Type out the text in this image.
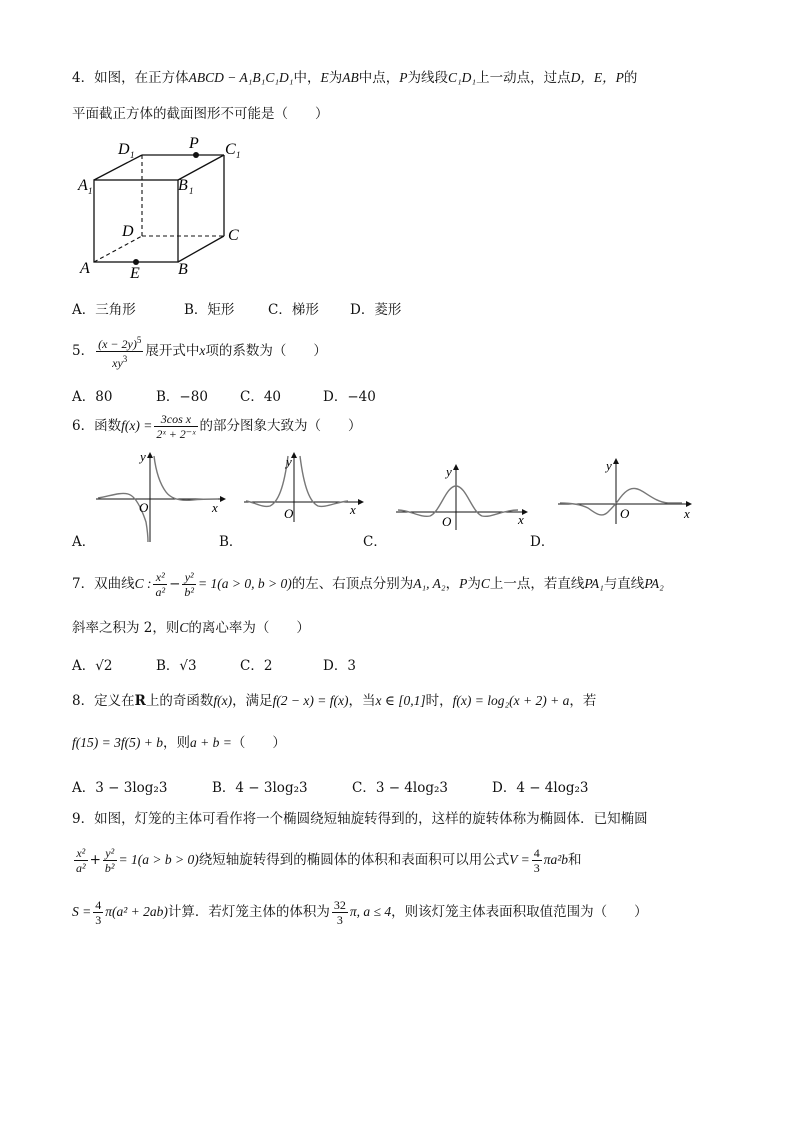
4．如图，在正方体ABCD − A₁B₁C₁D₁中，E为AB中点，P为线段C₁D₁上一动点，过点D，E，P的
平面截正方体的截面图形不可能是（　　）
D 1
P C 1
A 1	B 1
D	C
A	E B
A．三角形	B．矩形 C．梯形 D．菱形
5． $\frac{(x - 2y)^5}{xy^3}$ 展开式中x项的系数为（　　）
A．80	B．−80 C．40	D．−40
6．函数$f(x) = \frac{\text{3cos x}}{\text{2ˣ + 2⁻ˣ}}$ 的部分图象大致为（　　）
y
O	x
y
O	x
y
O	x
y
O	x
A．	B．	C．	D．
7．双曲线C : $\frac{\text{x²}}{\text{a²}} - \frac{\text{y²}}{\text{b²}} = 1(a > 0$, b > 0)的左、右顶点分别为A₁, A₂，P为C上一点，若直线PA₁与直线PA₂
斜率之积为 2，则C的离心率为（　　）
A．√2	B．√3	C．2	D．3
8．定义在R上的奇函数f(x)，满足f(2 − x) = f(x)，当x ∈ [0,1]时，f(x) = log₂(x + 2) + a，若
f(15) = 3f(5) + b，则a + b =（　　）
A．3 − 3log₂3	B．4 − 3log₂3	C．3 − 4log₂3	D．4 − 4log₂3
9．如图，灯笼的主体可看作将一个椭圆绕短轴旋转得到的，这样的旋转体称为椭圆体．已知椭圆
$\frac{\text{x²}}{\text{a²}} + \frac{\text{y²}}{\text{b²}} = 1(a > b > 0)$绕短轴旋转得到的椭圆体的体积和表面积可以用公式$V = \frac{4}{3} \pi a^2b$和
$S = \frac{4}{3} \pi(a^2 + 2ab)$计算．若灯笼主体的体积为 $\frac{32}{3} \pi$, a ≤ 4，则该灯笼主体表面积取值范围为（　　）
